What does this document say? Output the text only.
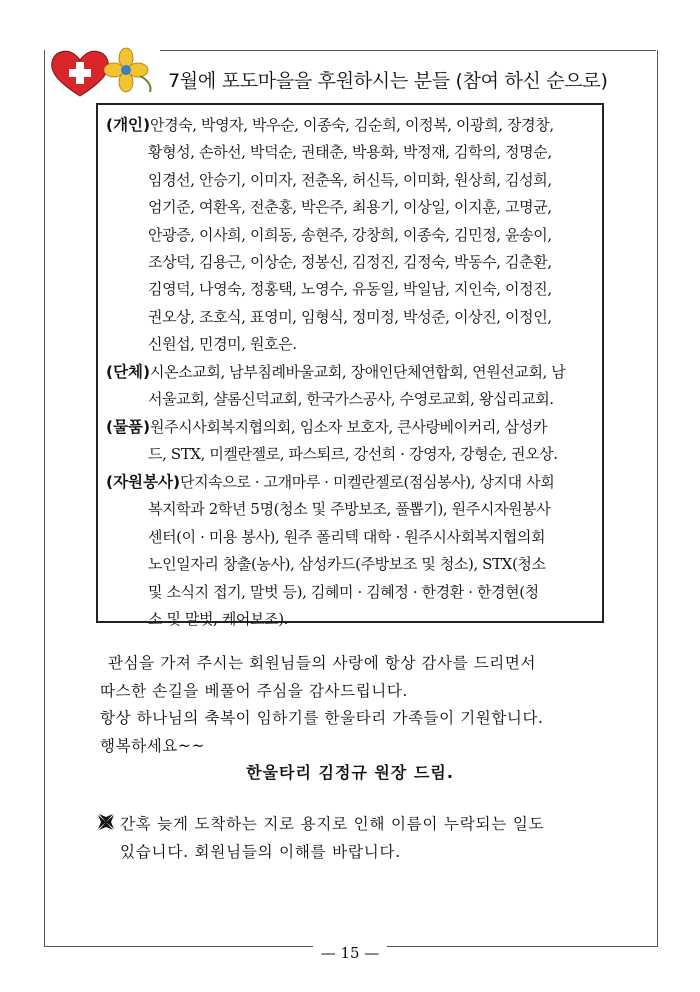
7월에 포도마을을 후원하시는 분들 (참여 하신 순으로)
(개인) 안경숙, 박영자, 박우순, 이종숙, 김순희, 이정복, 이광희, 장경창,
황형성, 손하선, 박덕순, 권태춘, 박용화, 박정재, 김학의, 정명순,
임경선, 안승기, 이미자, 전춘옥, 허신득, 이미화, 원상희, 김성희,
엄기준, 여환옥, 전춘홍, 박은주, 최용기, 이상일, 이지훈, 고명균,
안광증, 이사희, 이희동, 송현주, 강창희, 이종숙, 김민정, 윤송이,
조상덕, 김용근, 이상순, 정봉신, 김정진, 김정숙, 박동수, 김춘환,
김영덕, 나영숙, 정홍택, 노영수, 유동일, 박일남, 지인숙, 이정진,
권오상, 조호식, 표영미, 임형식, 정미정, 박성준, 이상진, 이정인,
신원섭, 민경미, 원호은.
(단체) 시온소교회, 남부침례바울교회, 장애인단체연합회, 연원선교회, 남
서울교회, 샬롬신덕교회, 한국가스공사, 수영로교회, 왕십리교회.
(물품) 원주시사회복지협의회, 임소자 보호자, 큰사랑베이커리, 삼성카
드, STX, 미켈란젤로, 파스퇴르, 강선희 · 강영자, 강형순, 권오상.
(자원봉사) 단지속으로 · 고개마루 · 미켈란젤로(점심봉사), 상지대 사회
복지학과 2학년 5명(청소 및 주방보조, 풀뽑기), 원주시자원봉사
센터(이 · 미용 봉사), 원주 폴리텍 대학 · 원주시사회복지협의회
노인일자리 창출(농사), 삼성카드(주방보조 및 청소), STX(청소
및 소식지 접기, 말벗 등), 김혜미 · 김혜정 · 한경환 · 한경현(청
소 및 말벗, 케어보조).
관심을 가져 주시는 회원님들의 사랑에 항상 감사를 드리면서
따스한 손길을 베풀어 주심을 감사드립니다.
항상 하나님의 축복이 임하기를 한울타리 가족들이 기원합니다.
행복하세요~~
한울타리 김정규 원장 드림.
간혹 늦게 도착하는 지로 용지로 인해 이름이 누락되는 일도
있습니다. 회원님들의 이해를 바랍니다.
— 15 —
